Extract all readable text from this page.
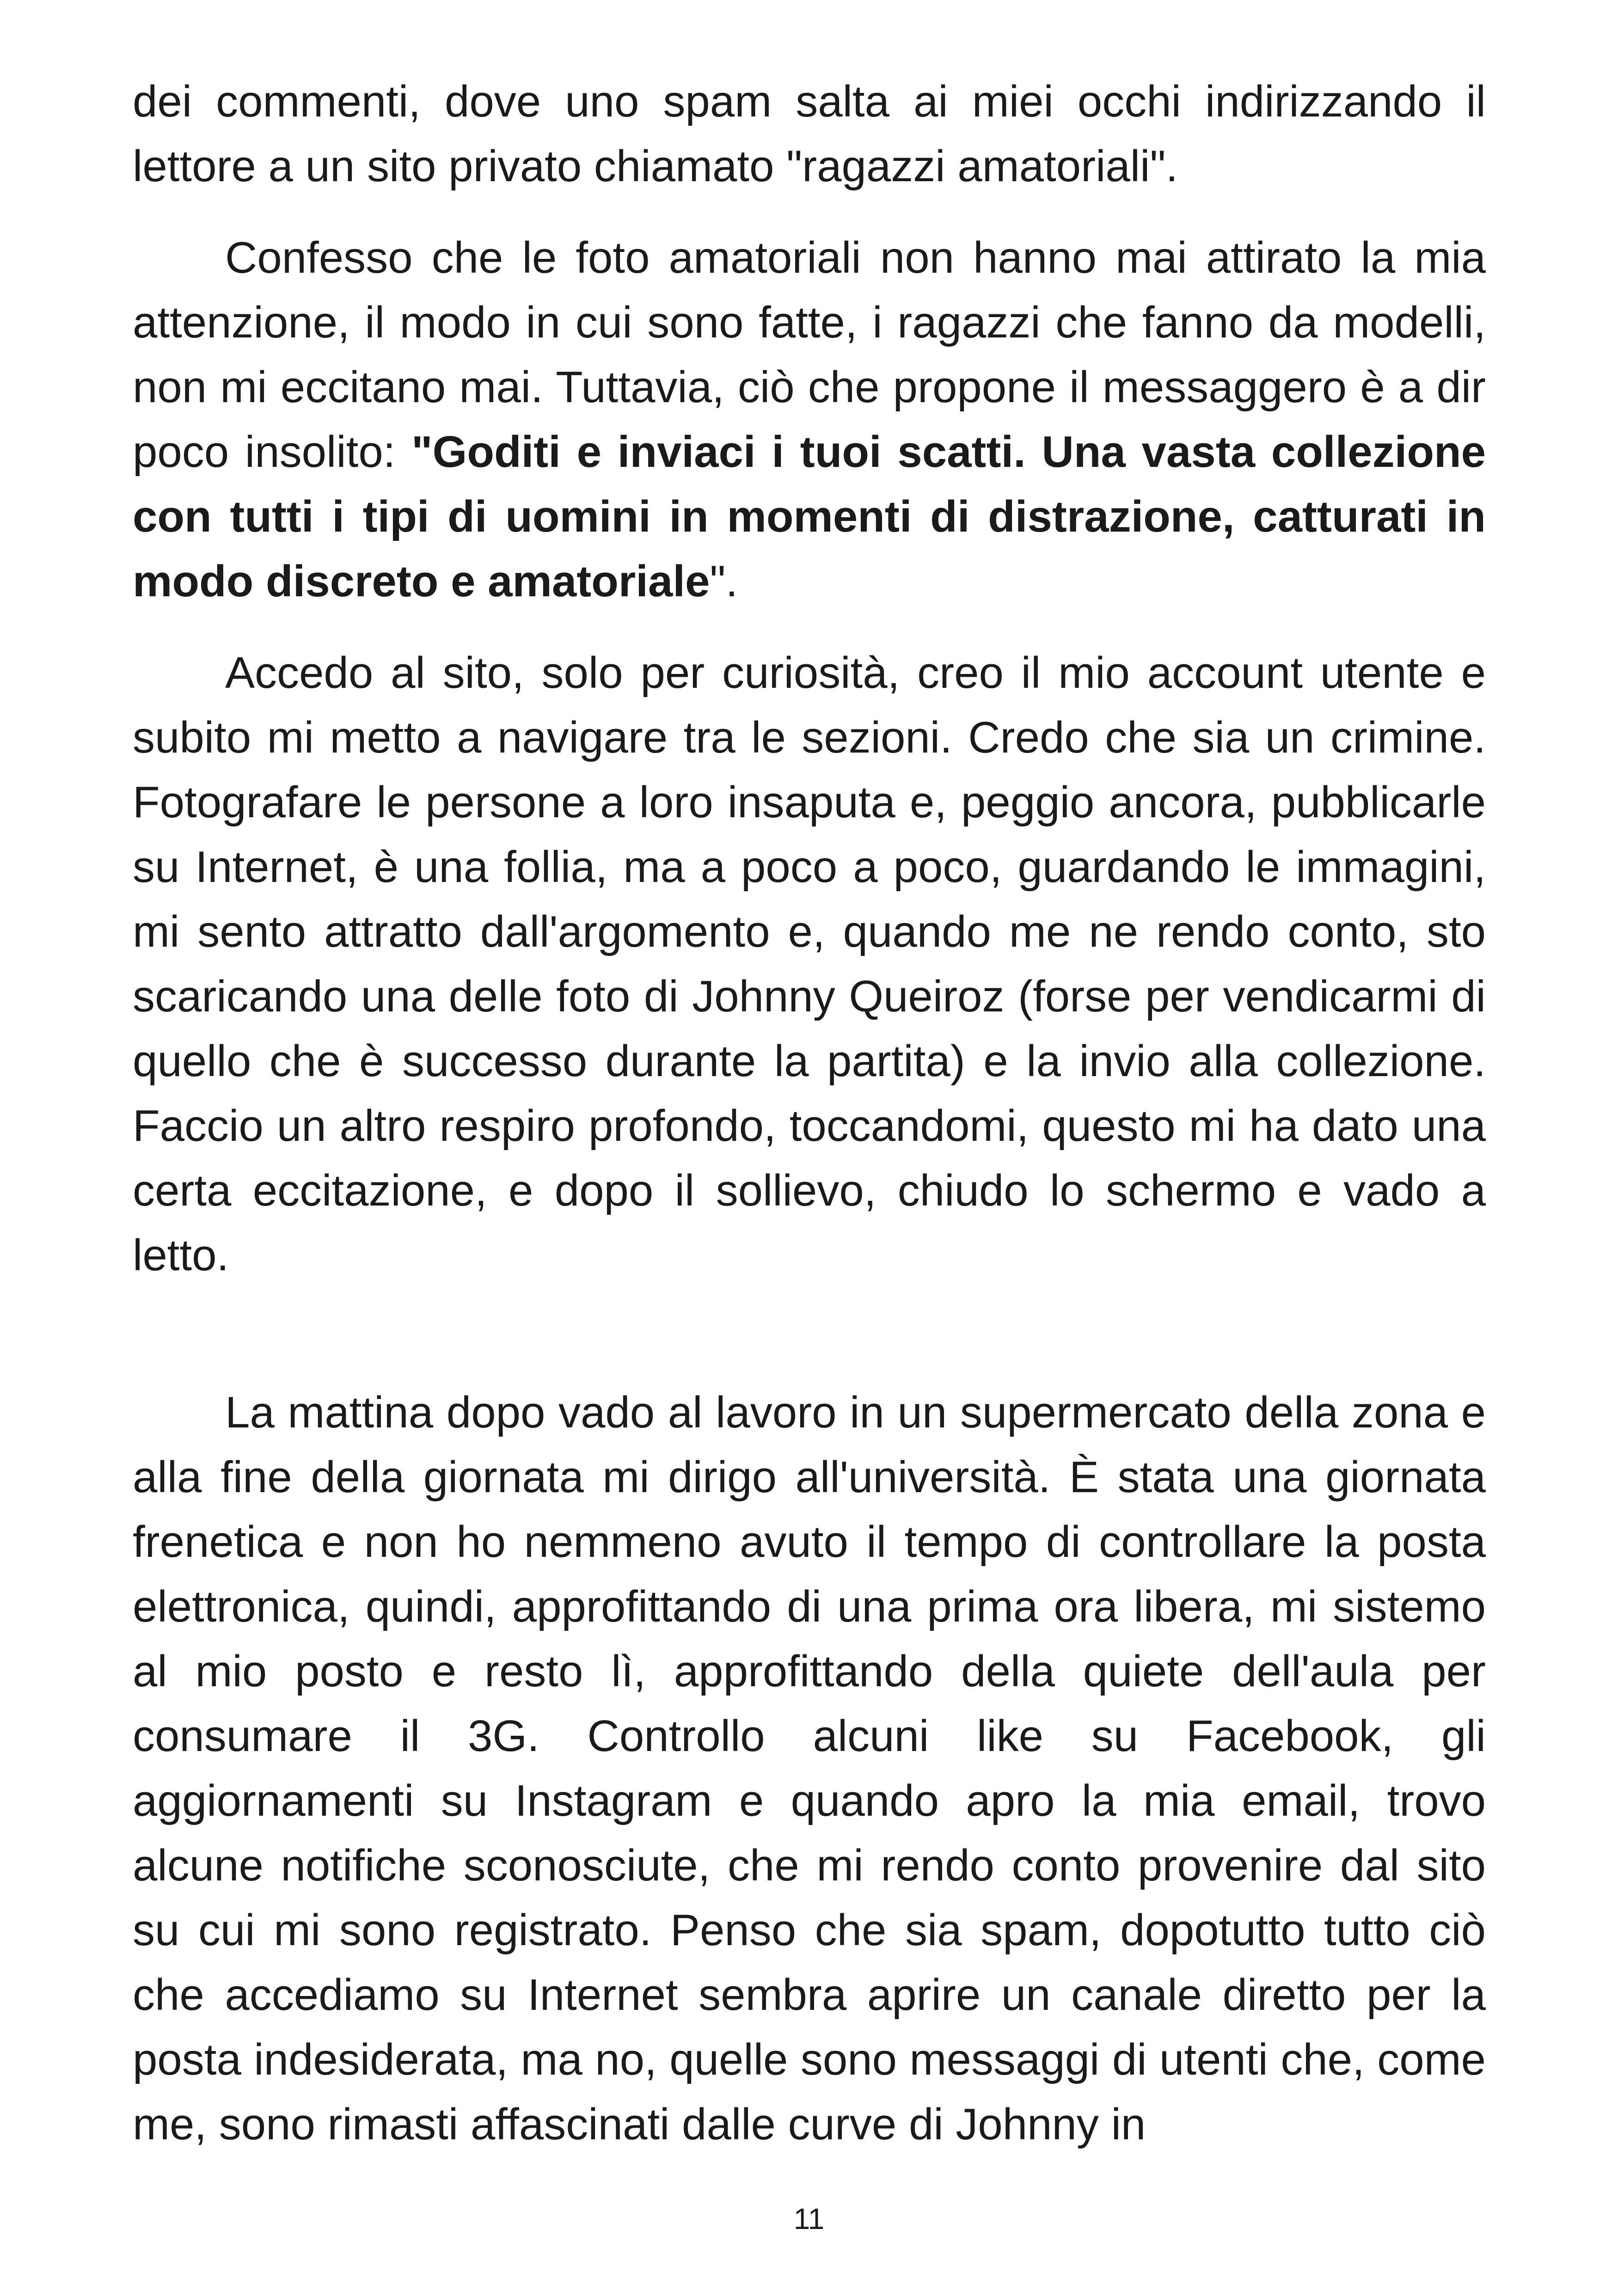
dei commenti, dove uno spam salta ai miei occhi indirizzando il lettore a un sito privato chiamato "ragazzi amatoriali".

Confesso che le foto amatoriali non hanno mai attirato la mia attenzione, il modo in cui sono fatte, i ragazzi che fanno da modelli, non mi eccitano mai. Tuttavia, ciò che propone il messaggero è a dir poco insolito: "Goditi e inviaci i tuoi scatti. Una vasta collezione con tutti i tipi di uomini in momenti di distrazione, catturati in modo discreto e amatoriale".

Accedo al sito, solo per curiosità, creo il mio account utente e subito mi metto a navigare tra le sezioni. Credo che sia un crimine. Fotografare le persone a loro insaputa e, peggio ancora, pubblicarle su Internet, è una follia, ma a poco a poco, guardando le immagini, mi sento attratto dall'argomento e, quando me ne rendo conto, sto scaricando una delle foto di Johnny Queiroz (forse per vendicarmi di quello che è successo durante la partita) e la invio alla collezione. Faccio un altro respiro profondo, toccandomi, questo mi ha dato una certa eccitazione, e dopo il sollievo, chiudo lo schermo e vado a letto.

La mattina dopo vado al lavoro in un supermercato della zona e alla fine della giornata mi dirigo all'università. È stata una giornata frenetica e non ho nemmeno avuto il tempo di controllare la posta elettronica, quindi, approfittando di una prima ora libera, mi sistemo al mio posto e resto lì, approfittando della quiete dell'aula per consumare il 3G. Controllo alcuni like su Facebook, gli aggiornamenti su Instagram e quando apro la mia email, trovo alcune notifiche sconosciute, che mi rendo conto provenire dal sito su cui mi sono registrato. Penso che sia spam, dopotutto tutto ciò che accediamo su Internet sembra aprire un canale diretto per la posta indesiderata, ma no, quelle sono messaggi di utenti che, come me, sono rimasti affascinati dalle curve di Johnny in

11
